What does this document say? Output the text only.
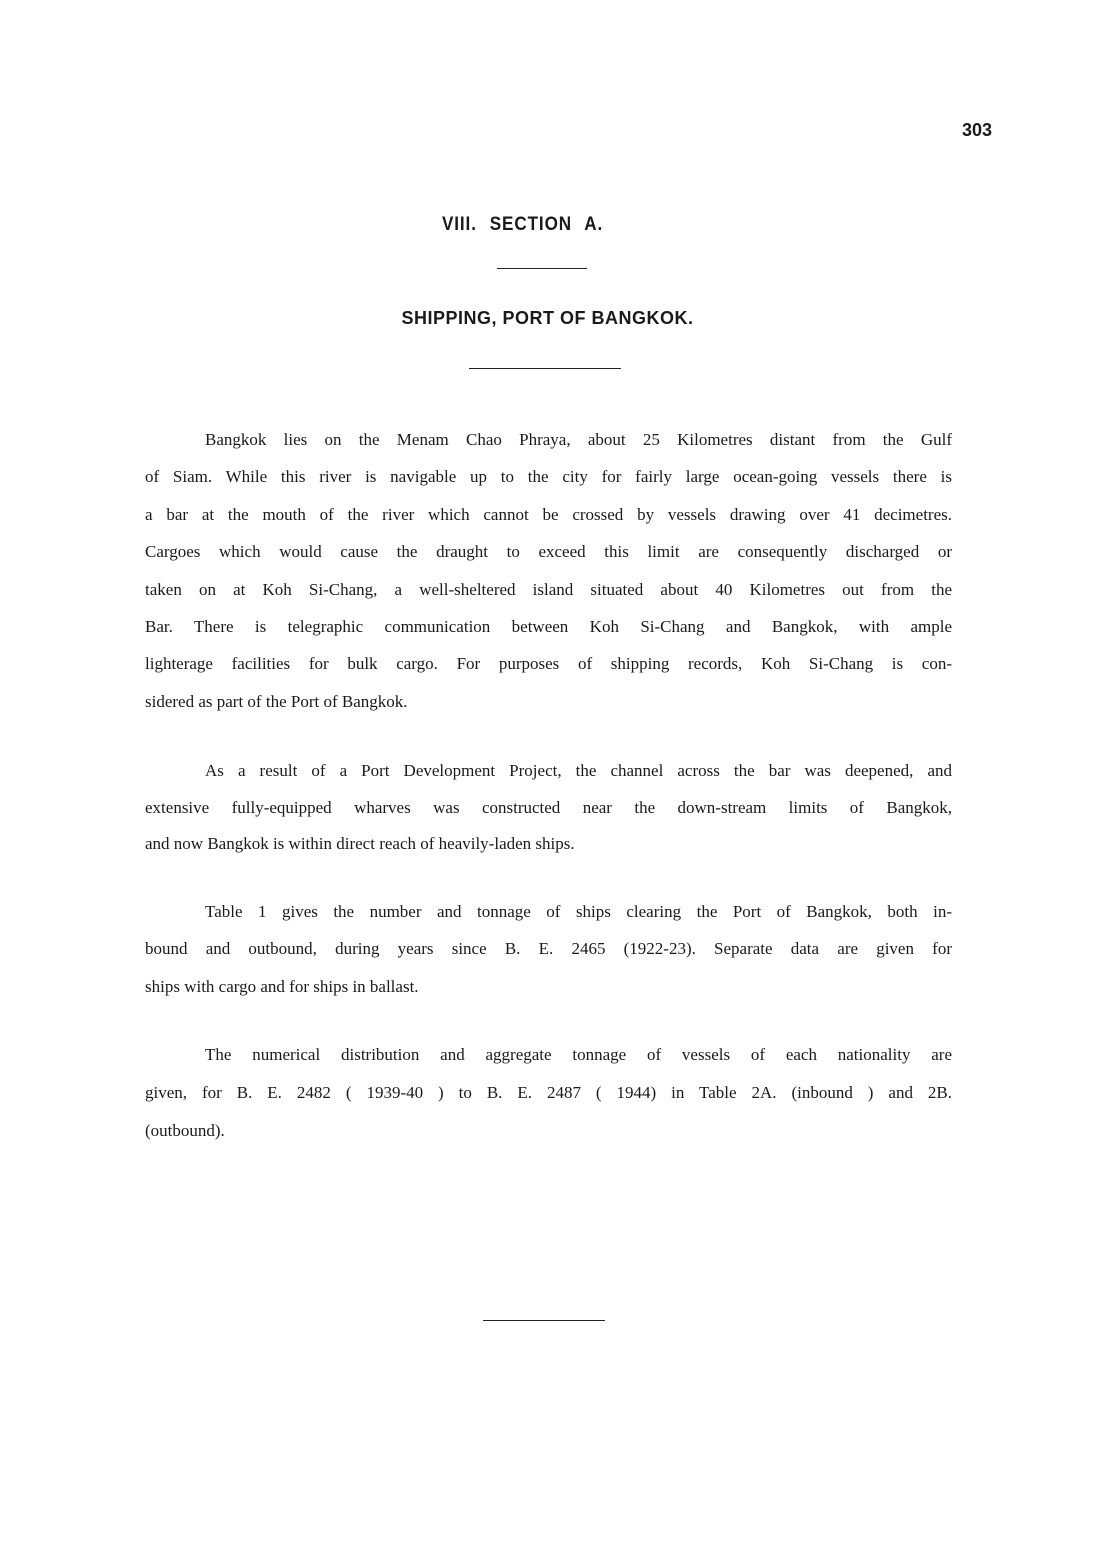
303
VIII. SECTION A.
SHIPPING, PORT OF BANGKOK.
Bangkok lies on the Menam Chao Phraya, about 25 Kilometres distant from the Gulf
of Siam. While this river is navigable up to the city for fairly large ocean-going vessels there is
a bar at the mouth of the river which cannot be crossed by vessels drawing over 41 decimetres.
Cargoes which would cause the draught to exceed this limit are consequently discharged or
taken on at Koh Si-Chang, a well-sheltered island situated about 40 Kilometres out from the
Bar. There is telegraphic communication between Koh Si-Chang and Bangkok, with ample
lighterage facilities for bulk cargo. For purposes of shipping records, Koh Si-Chang is con-
sidered as part of the Port of Bangkok.
As a result of a Port Development Project, the channel across the bar was deepened, and
extensive fully-equipped wharves was constructed near the down-stream limits of Bangkok,
and now Bangkok is within direct reach of heavily-laden ships.
Table 1 gives the number and tonnage of ships clearing the Port of Bangkok, both in-
bound and outbound, during years since B. E. 2465 (1922-23). Separate data are given for
ships with cargo and for ships in ballast.
The numerical distribution and aggregate tonnage of vessels of each nationality are
given, for B. E. 2482 ( 1939-40 ) to B. E. 2487 ( 1944) in Table 2A. (inbound ) and 2B.
(outbound).
